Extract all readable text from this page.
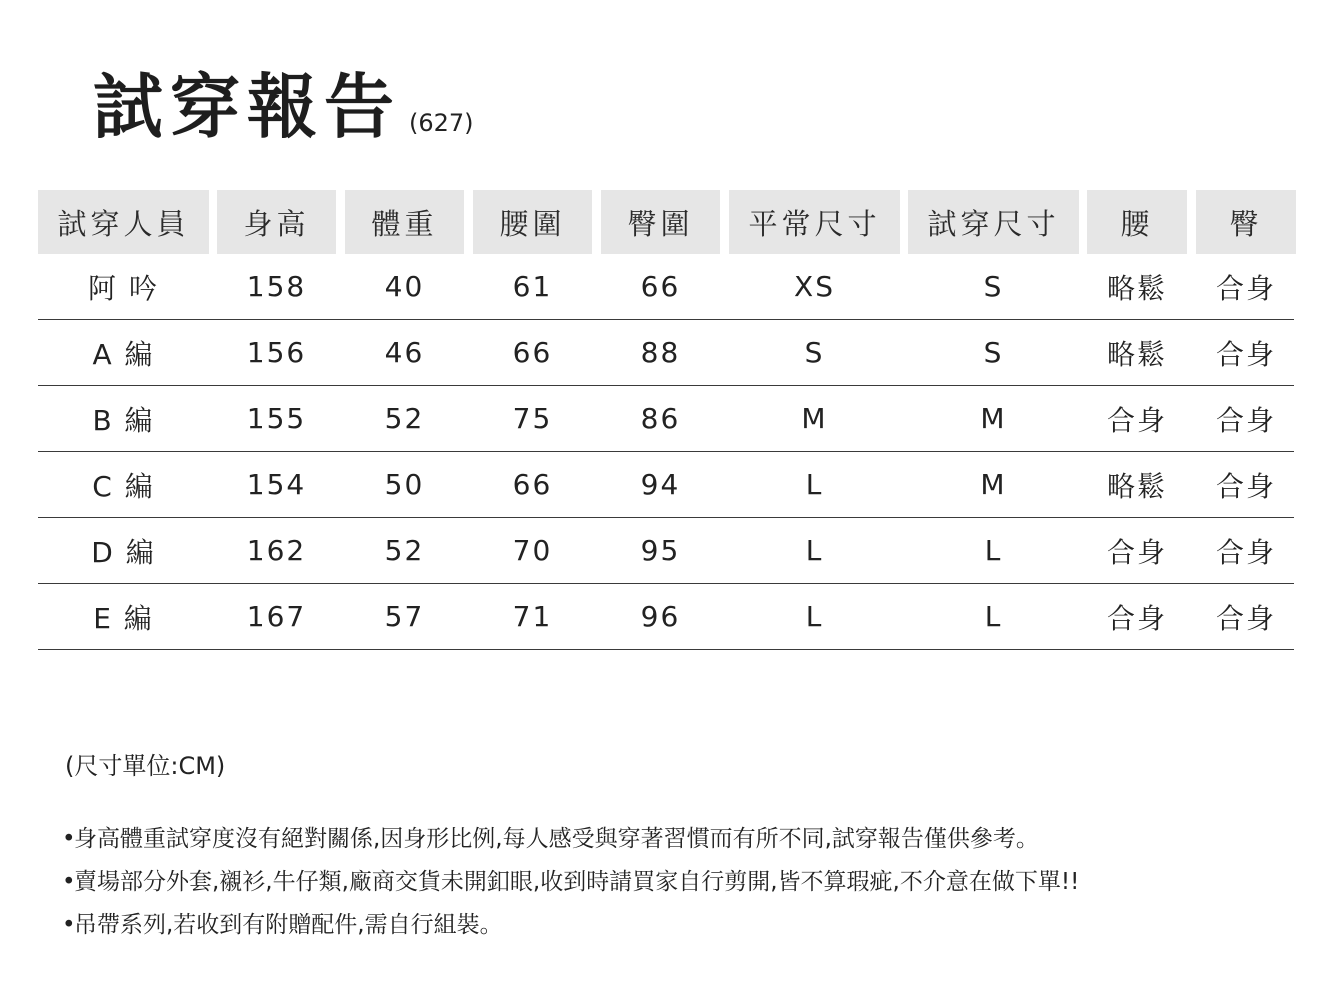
試穿報告 (627)
試穿人員	身高	體重	腰圍	臀圍	平常尺寸	試穿尺寸	腰	臀
阿 吟	158	40	61	66	XS	S	略鬆	合身
A 編	156	46	66	88	S	S	略鬆	合身
B 編	155	52	75	86	M	M	合身	合身
C 編	154	50	66	94	L	M	略鬆	合身
D 編	162	52	70	95	L	L	合身	合身
E 編	167	57	71	96	L	L	合身	合身
(尺寸單位:CM)
•身高體重試穿度沒有絕對關係,因身形比例,每人感受與穿著習慣而有所不同,試穿報告僅供參考。
•賣場部分外套,襯衫,牛仔類,廠商交貨未開釦眼,收到時請買家自行剪開,皆不算瑕疵,不介意在做下單!!
•吊帶系列,若收到有附贈配件,需自行組裝。
